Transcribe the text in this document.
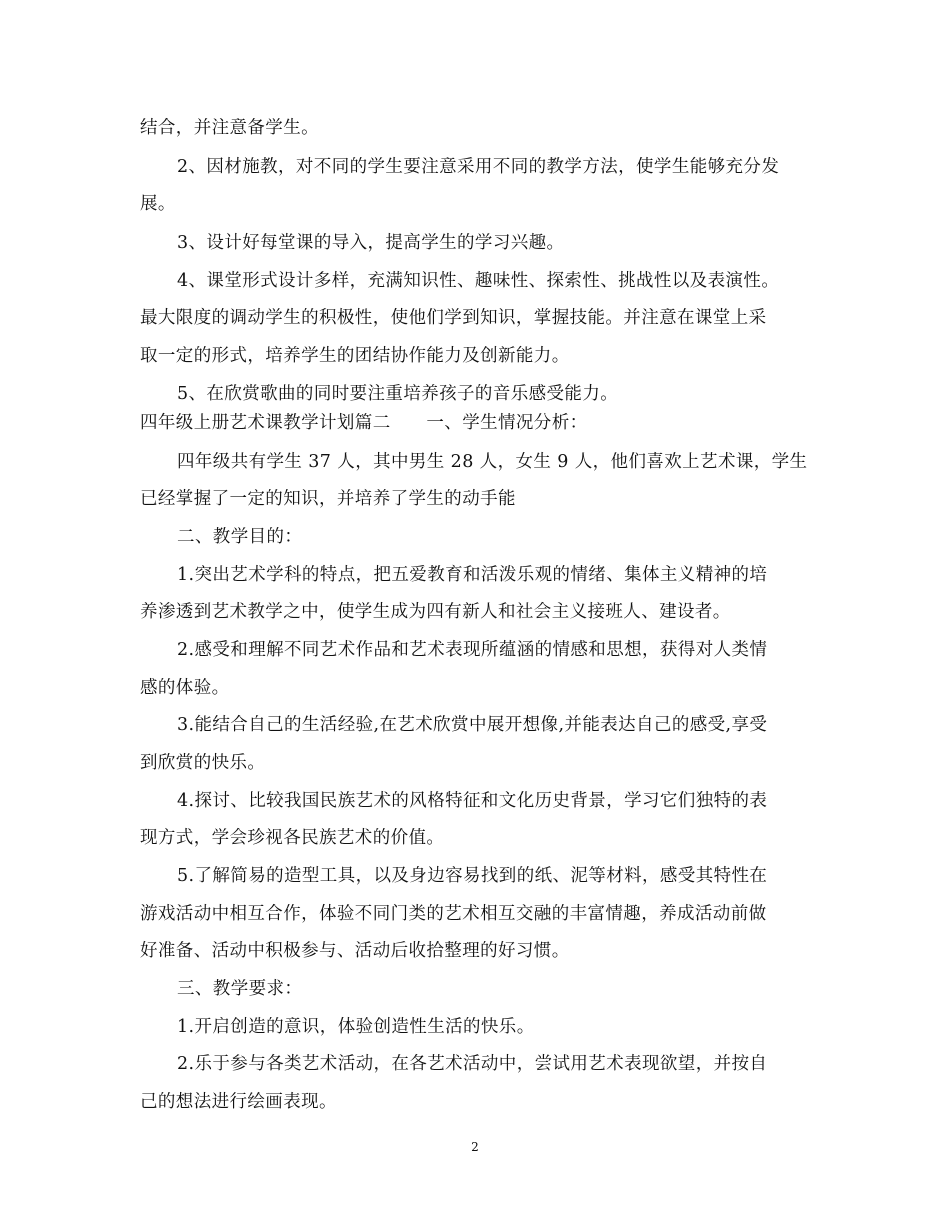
结合，并注意备学生。
2、因材施教，对不同的学生要注意采用不同的教学方法，使学生能够充分发
展。
3、设计好每堂课的导入，提高学生的学习兴趣。
4、课堂形式设计多样，充满知识性、趣味性、探索性、挑战性以及表演性。
最大限度的调动学生的积极性，使他们学到知识，掌握技能。并注意在课堂上采
取一定的形式，培养学生的团结协作能力及创新能力。
5、在欣赏歌曲的同时要注重培养孩子的音乐感受能力。
四年级上册艺术课教学计划篇二　　一、学生情况分析：
四年级共有学生 37 人，其中男生 28 人，女生 9 人，他们喜欢上艺术课，学生
已经掌握了一定的知识，并培养了学生的动手能
二、教学目的：
1.突出艺术学科的特点，把五爱教育和活泼乐观的情绪、集体主义精神的培
养渗透到艺术教学之中，使学生成为四有新人和社会主义接班人、建设者。
2.感受和理解不同艺术作品和艺术表现所蕴涵的情感和思想，获得对人类情
感的体验。
3.能结合自己的生活经验,在艺术欣赏中展开想像,并能表达自己的感受,享受
到欣赏的快乐。
4.探讨、比较我国民族艺术的风格特征和文化历史背景，学习它们独特的表
现方式，学会珍视各民族艺术的价值。
5.了解简易的造型工具，以及身边容易找到的纸、泥等材料，感受其特性在
游戏活动中相互合作，体验不同门类的艺术相互交融的丰富情趣，养成活动前做
好准备、活动中积极参与、活动后收拾整理的好习惯。
三、教学要求：
1.开启创造的意识，体验创造性生活的快乐。
2.乐于参与各类艺术活动，在各艺术活动中，尝试用艺术表现欲望，并按自
己的想法进行绘画表现。
2
